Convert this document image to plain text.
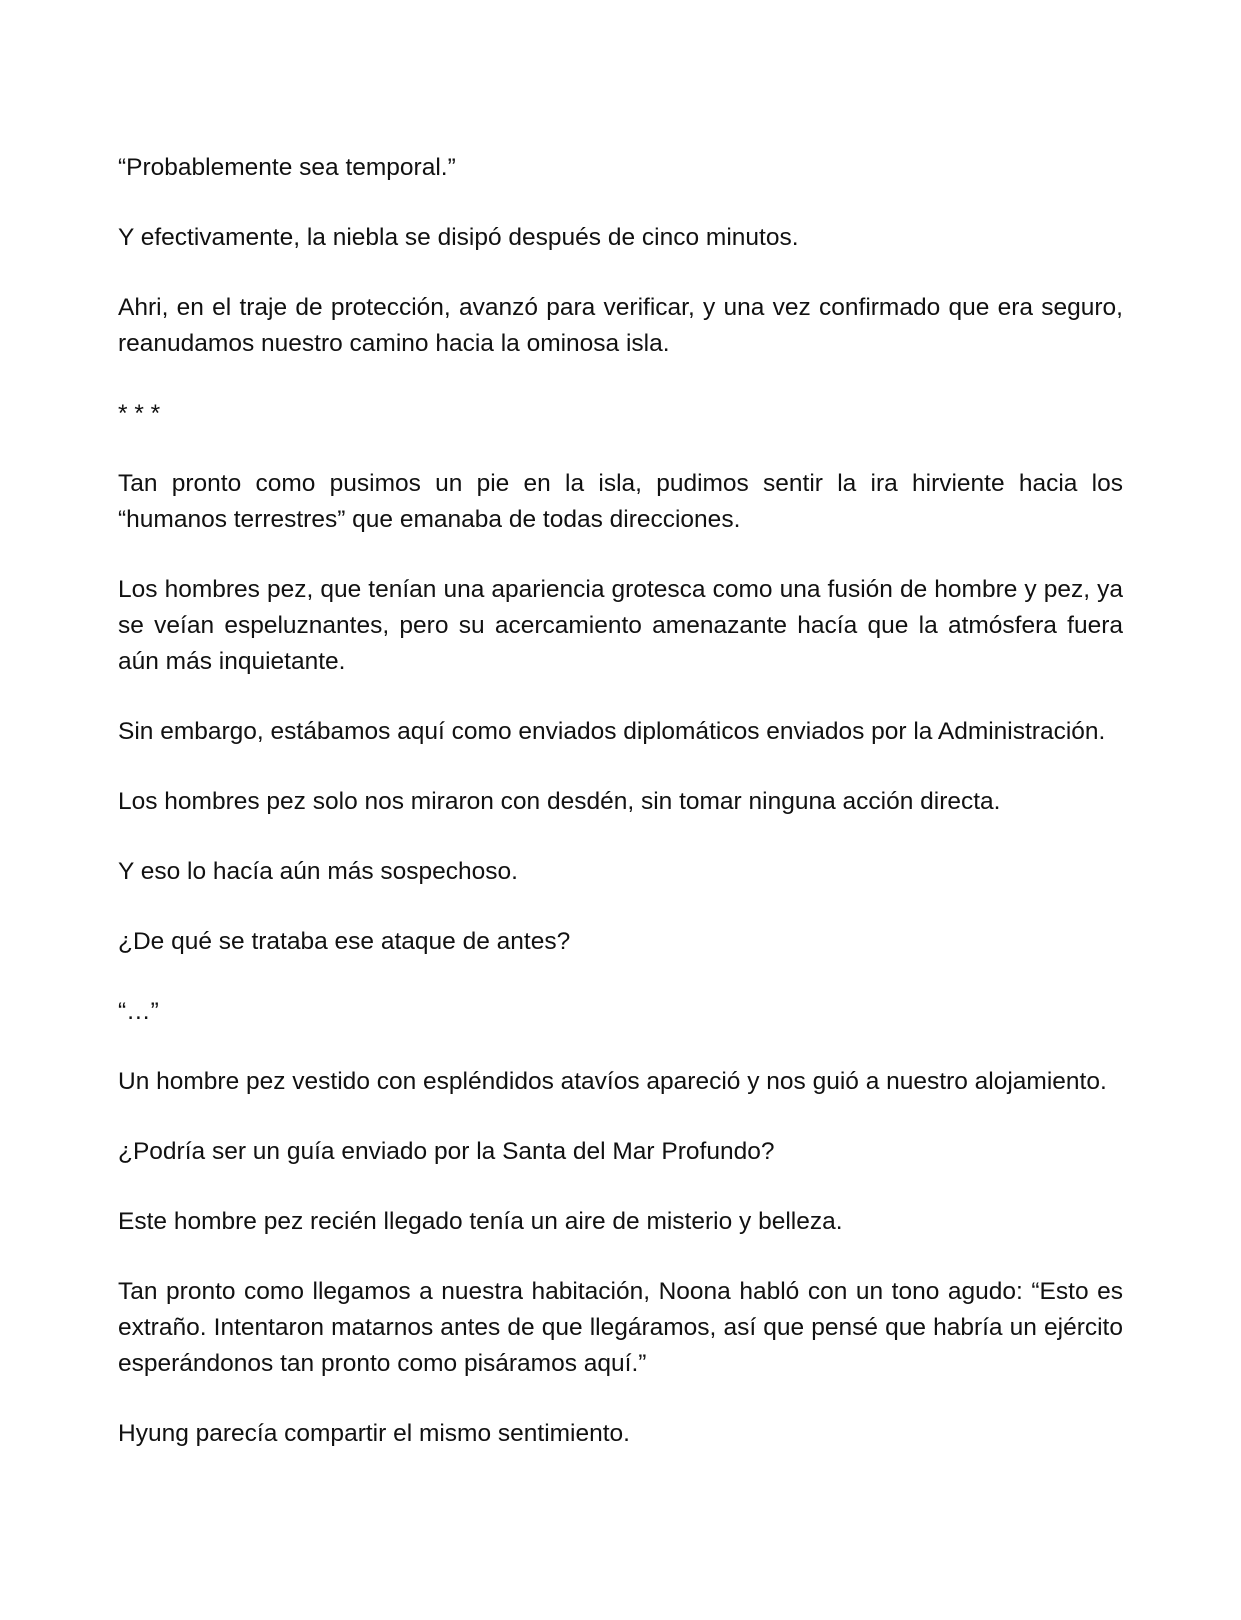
“Probablemente sea temporal.”

Y efectivamente, la niebla se disipó después de cinco minutos.

Ahri, en el traje de protección, avanzó para verificar, y una vez confirmado que era seguro, reanudamos nuestro camino hacia la ominosa isla.

* * *

Tan pronto como pusimos un pie en la isla, pudimos sentir la ira hirviente hacia los “humanos terrestres” que emanaba de todas direcciones.

Los hombres pez, que tenían una apariencia grotesca como una fusión de hombre y pez, ya se veían espeluznantes, pero su acercamiento amenazante hacía que la atmósfera fuera aún más inquietante.

Sin embargo, estábamos aquí como enviados diplomáticos enviados por la Administración.

Los hombres pez solo nos miraron con desdén, sin tomar ninguna acción directa.

Y eso lo hacía aún más sospechoso.

¿De qué se trataba ese ataque de antes?

“…”

Un hombre pez vestido con espléndidos atavíos apareció y nos guió a nuestro alojamiento.

¿Podría ser un guía enviado por la Santa del Mar Profundo?

Este hombre pez recién llegado tenía un aire de misterio y belleza.

Tan pronto como llegamos a nuestra habitación, Noona habló con un tono agudo: “Esto es extraño. Intentaron matarnos antes de que llegáramos, así que pensé que habría un ejército esperándonos tan pronto como pisáramos aquí.”

Hyung parecía compartir el mismo sentimiento.
